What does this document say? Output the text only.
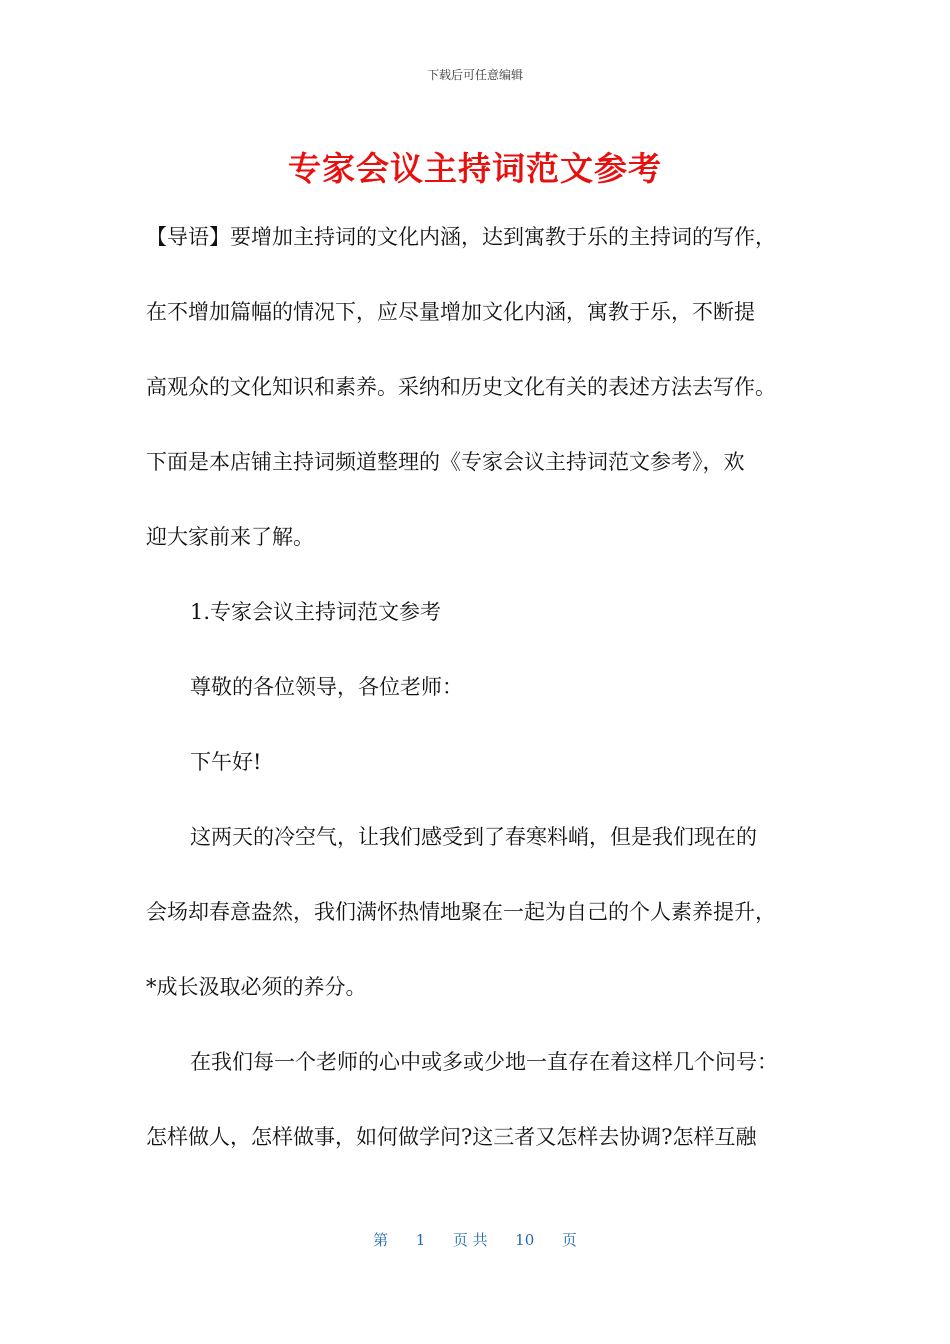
下载后可任意编辑
专家会议主持词范文参考

【导语】要增加主持词的文化内涵，达到寓教于乐的主持词的写作，

在不增加篇幅的情况下，应尽量增加文化内涵，寓教于乐，不断提

高观众的文化知识和素养。采纳和历史文化有关的表述方法去写作。

下面是本店铺主持词频道整理的《专家会议主持词范文参考》，欢

迎大家前来了解。

1.专家会议主持词范文参考

尊敬的各位领导，各位老师：

下午好!

这两天的冷空气，让我们感受到了春寒料峭，但是我们现在的

会场却春意盎然，我们满怀热情地聚在一起为自己的个人素养提升，

*成长汲取必须的养分。

在我们每一个老师的心中或多或少地一直存在着这样几个问号：

怎样做人，怎样做事，如何做学问?这三者又怎样去协调?怎样互融

第 1 页 共 10 页
